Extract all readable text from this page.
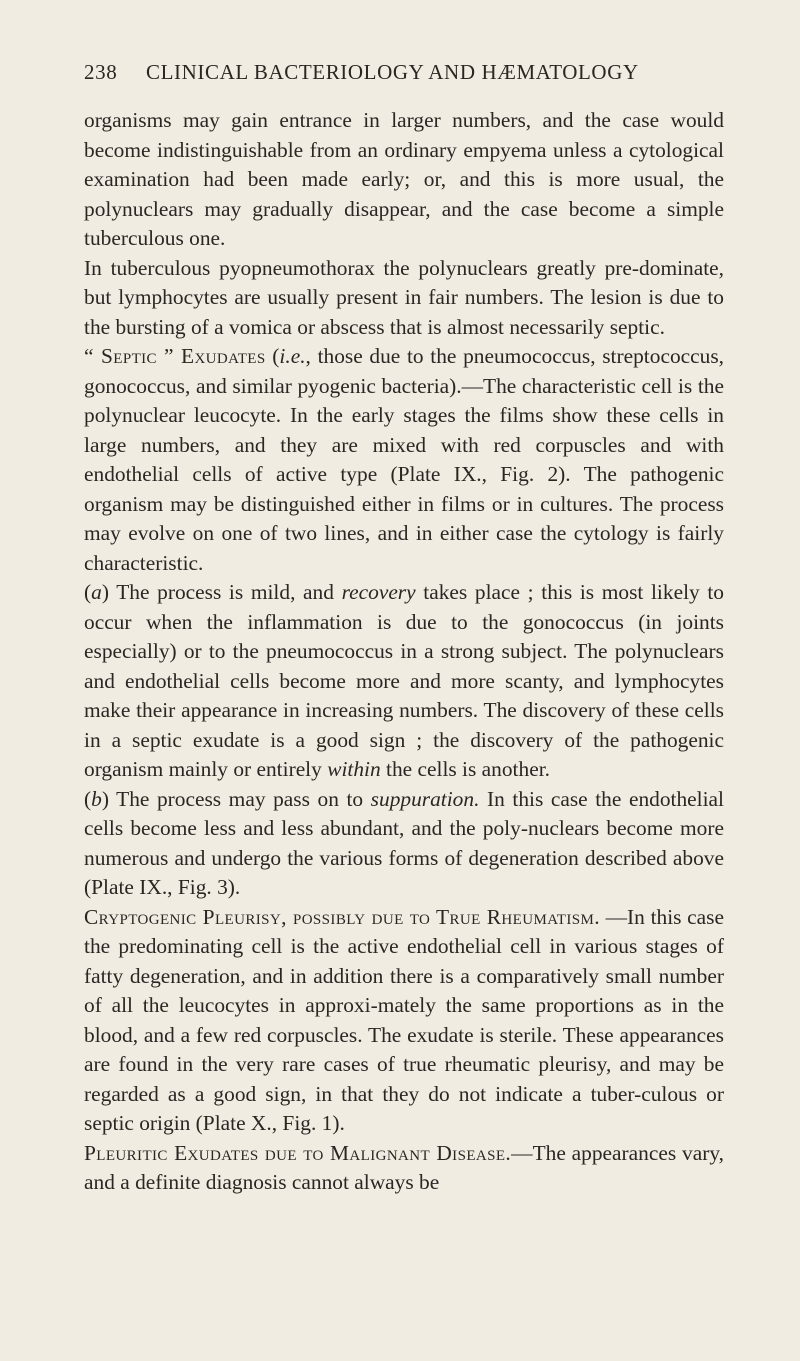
238 CLINICAL BACTERIOLOGY AND HÆMATOLOGY

organisms may gain entrance in larger numbers, and the case would become indistinguishable from an ordinary empyema unless a cytological examination had been made early; or, and this is more usual, the polynuclears may gradually disappear, and the case become a simple tuberculous one.

In tuberculous pyopneumothorax the polynuclears greatly pre-dominate, but lymphocytes are usually present in fair numbers. The lesion is due to the bursting of a vomica or abscess that is almost necessarily septic.

“ Septic ” Exudates (i.e., those due to the pneumococcus, streptococcus, gonococcus, and similar pyogenic bacteria).—The characteristic cell is the polynuclear leucocyte. In the early stages the films show these cells in large numbers, and they are mixed with red corpuscles and with endothelial cells of active type (Plate IX., Fig. 2). The pathogenic organism may be distinguished either in films or in cultures. The process may evolve on one of two lines, and in either case the cytology is fairly characteristic.

(a) The process is mild, and recovery takes place ; this is most likely to occur when the inflammation is due to the gonococcus (in joints especially) or to the pneumococcus in a strong subject. The polynuclears and endothelial cells become more and more scanty, and lymphocytes make their appearance in increasing numbers. The discovery of these cells in a septic exudate is a good sign ; the discovery of the pathogenic organism mainly or entirely within the cells is another.

(b) The process may pass on to suppuration. In this case the endothelial cells become less and less abundant, and the poly-nuclears become more numerous and undergo the various forms of degeneration described above (Plate IX., Fig. 3).

Cryptogenic Pleurisy, possibly due to True Rheumatism. —In this case the predominating cell is the active endothelial cell in various stages of fatty degeneration, and in addition there is a comparatively small number of all the leucocytes in approxi-mately the same proportions as in the blood, and a few red corpuscles. The exudate is sterile. These appearances are found in the very rare cases of true rheumatic pleurisy, and may be regarded as a good sign, in that they do not indicate a tuber-culous or septic origin (Plate X., Fig. 1).

Pleuritic Exudates due to Malignant Disease.—The appearances vary, and a definite diagnosis cannot always be
